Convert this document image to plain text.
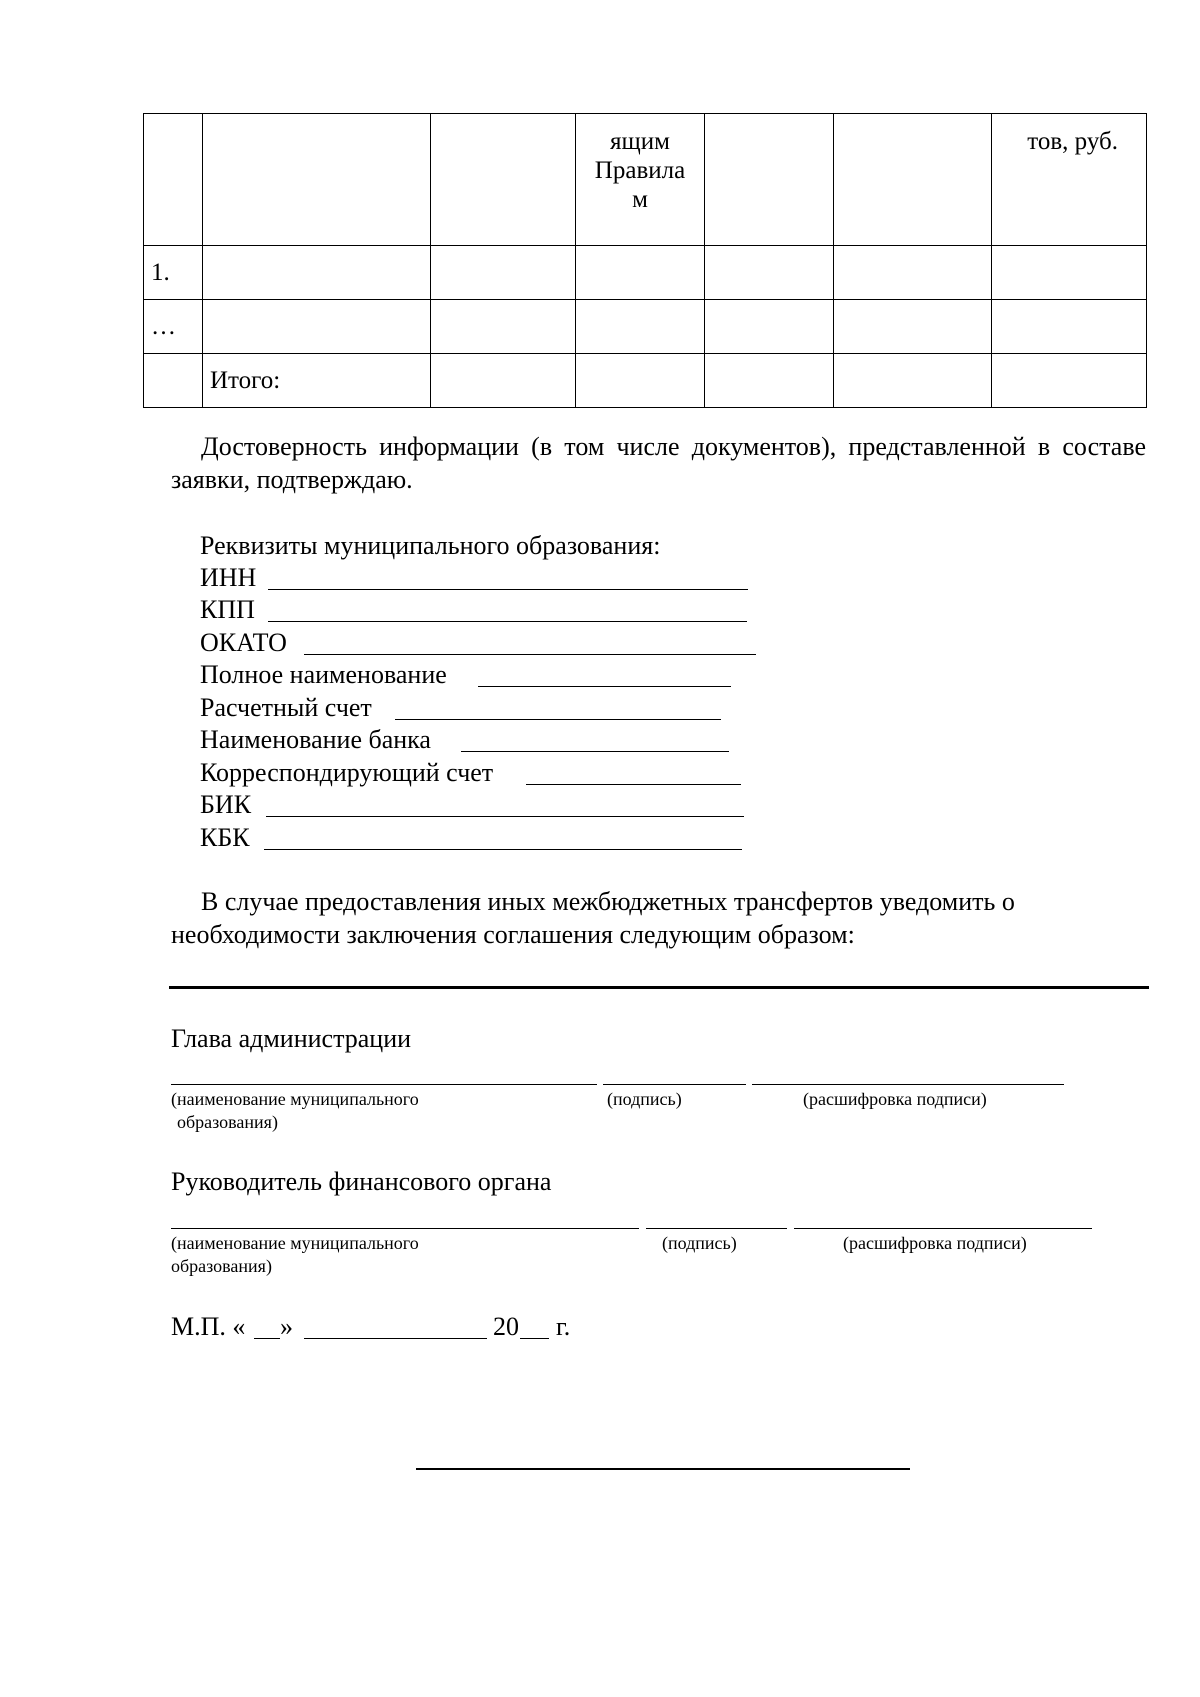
			ящим
Правила
м			тов, руб.
1.						
…						
	Итого:					
Достоверность информации (в том числе документов), представленной в составе заявки, подтверждаю.
Реквизиты муниципального образования:
ИНН
КПП
ОКАТО
Полное наименование
Расчетный счет
Наименование банка
Корреспондирующий счет
БИК
КБК
В случае предоставления иных межбюджетных трансфертов уведомить о необходимости заключения соглашения следующим образом:
Глава администрации
(наименование муниципального
образования)
(подпись)	(расшифровка подписи)
Руководитель финансового органа
(наименование муниципального
образования)
(подпись)	(расшифровка подписи)
М.П. « »	20 г.
